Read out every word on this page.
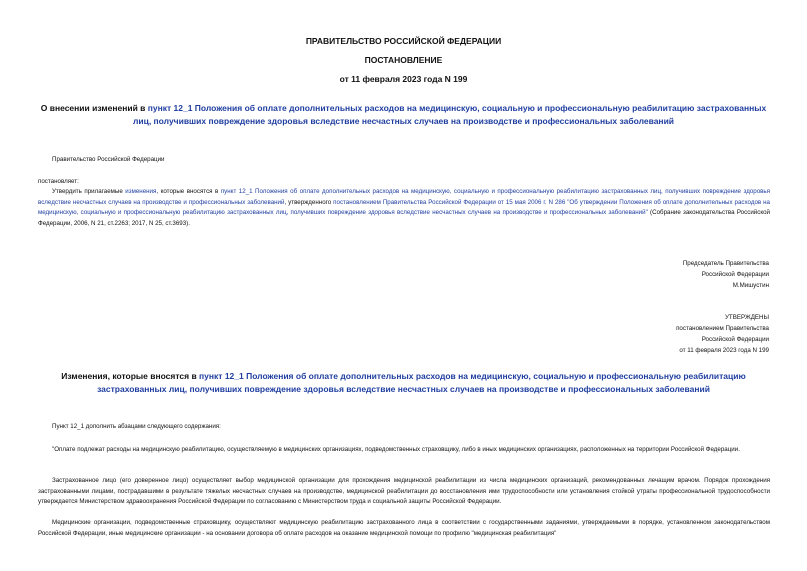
ПРАВИТЕЛЬСТВО РОССИЙСКОЙ ФЕДЕРАЦИИ
ПОСТАНОВЛЕНИЕ
от 11 февраля 2023 года N 199
О внесении изменений в пункт 12_1 Положения об оплате дополнительных расходов на медицинскую, социальную и профессиональную реабилитацию застрахованных лиц, получивших повреждение здоровья вследствие несчастных случаев на производстве и профессиональных заболеваний
Правительство Российской Федерации
постановляет:
Утвердить прилагаемые изменения, которые вносятся в пункт 12_1 Положения об оплате дополнительных расходов на медицинскую, социальную и профессиональную реабилитацию застрахованных лиц, получивших повреждение здоровья вследствие несчастных случаев на производстве и профессиональных заболеваний, утвержденного постановлением Правительства Российской Федерации от 15 мая 2006 г. N 286 "Об утверждении Положения об оплате дополнительных расходов на медицинскую, социальную и профессиональную реабилитацию застрахованных лиц, получивших повреждение здоровья вследствие несчастных случаев на производстве и профессиональных заболеваний" (Собрание законодательства Российской Федерации, 2006, N 21, ст.2263; 2017, N 25, ст.3693).
Председатель Правительства
Российской Федерации
М.Мишустин
УТВЕРЖДЕНЫ
постановлением Правительства
Российской Федерации
от 11 февраля 2023 года N 199
Изменения, которые вносятся в пункт 12_1 Положения об оплате дополнительных расходов на медицинскую, социальную и профессиональную реабилитацию застрахованных лиц, получивших повреждение здоровья вследствие несчастных случаев на производстве и профессиональных заболеваний
Пункт 12_1 дополнить абзацами следующего содержания:
"Оплате подлежат расходы на медицинскую реабилитацию, осуществляемую в медицинских организациях, подведомственных страховщику, либо в иных медицинских организациях, расположенных на территории Российской Федерации.
Застрахованное лицо (его доверенное лицо) осуществляет выбор медицинской организации для прохождения медицинской реабилитации из числа медицинских организаций, рекомендованных лечащим врачом. Порядок прохождения застрахованными лицами, пострадавшими в результате тяжелых несчастных случаев на производстве, медицинской реабилитации до восстановления ими трудоспособности или установления стойкой утраты профессиональной трудоспособности утверждается Министерством здравоохранения Российской Федерации по согласованию с Министерством труда и социальной защиты Российской Федерации.
Медицинские организации, подведомственные страховщику, осуществляют медицинскую реабилитацию застрахованного лица в соответствии с государственными заданиями, утверждаемыми в порядке, установленном законодательством Российской Федерации, иные медицинские организации - на основании договора об оплате расходов на оказание медицинской помощи по профилю "медицинская реабилитация"
